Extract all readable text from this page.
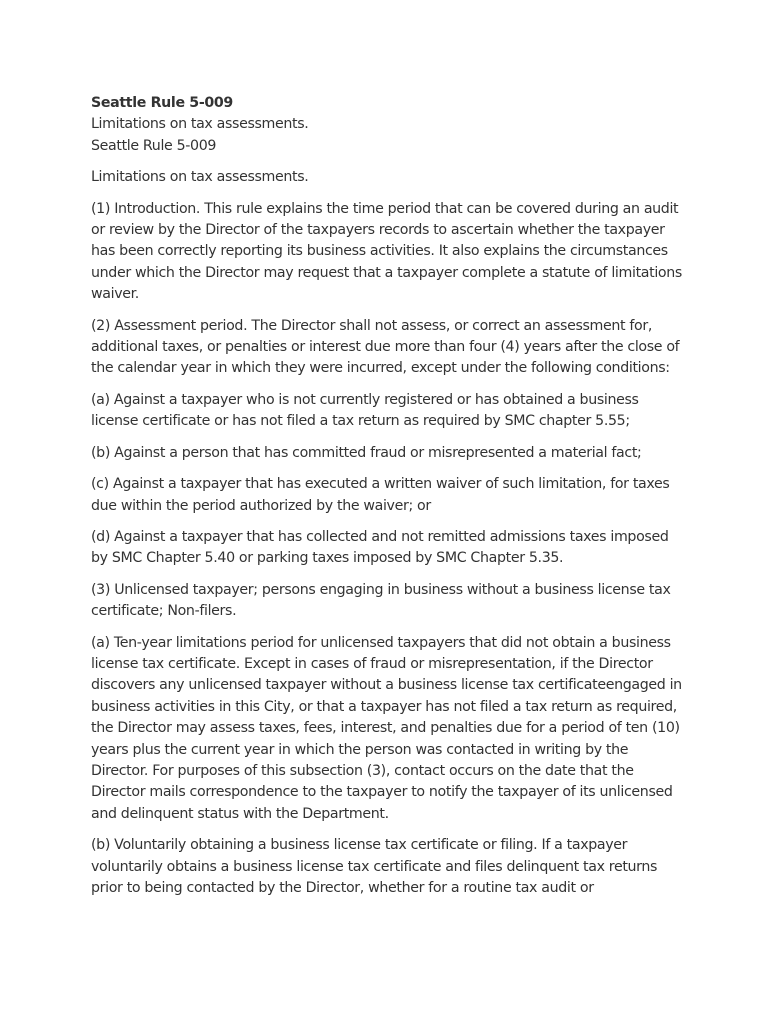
Seattle Rule 5-009

Limitations on tax assessments.

Seattle Rule 5-009

Limitations on tax assessments.

(1) Introduction. This rule explains the time period that can be covered during an audit or review by the Director of the taxpayers records to ascertain whether the taxpayer has been correctly reporting its business activities. It also explains the circumstances under which the Director may request that a taxpayer complete a statute of limitations waiver.

(2) Assessment period. The Director shall not assess, or correct an assessment for, additional taxes, or penalties or interest due more than four (4) years after the close of the calendar year in which they were incurred, except under the following conditions:

(a) Against a taxpayer who is not currently registered or has obtained a business license certificate or has not filed a tax return as required by SMC chapter 5.55;

(b) Against a person that has committed fraud or misrepresented a material fact;

(c) Against a taxpayer that has executed a written waiver of such limitation, for taxes due within the period authorized by the waiver; or

(d) Against a taxpayer that has collected and not remitted admissions taxes imposed by SMC Chapter 5.40 or parking taxes imposed by SMC Chapter 5.35.

(3) Unlicensed taxpayer; persons engaging in business without a business license tax certificate; Non-filers.

(a) Ten-year limitations period for unlicensed taxpayers that did not obtain a business license tax certificate. Except in cases of fraud or misrepresentation, if the Director discovers any unlicensed taxpayer without a business license tax certificateengaged in business activities in this City, or that a taxpayer has not filed a tax return as required, the Director may assess taxes, fees, interest, and penalties due for a period of ten (10) years plus the current year in which the person was contacted in writing by the Director. For purposes of this subsection (3), contact occurs on the date that the Director mails correspondence to the taxpayer to notify the taxpayer of its unlicensed and delinquent status with the Department.

(b) Voluntarily obtaining a business license tax certificate or filing. If a taxpayer voluntarily obtains a business license tax certificate and files delinquent tax returns prior to being contacted by the Director, whether for a routine tax audit or
